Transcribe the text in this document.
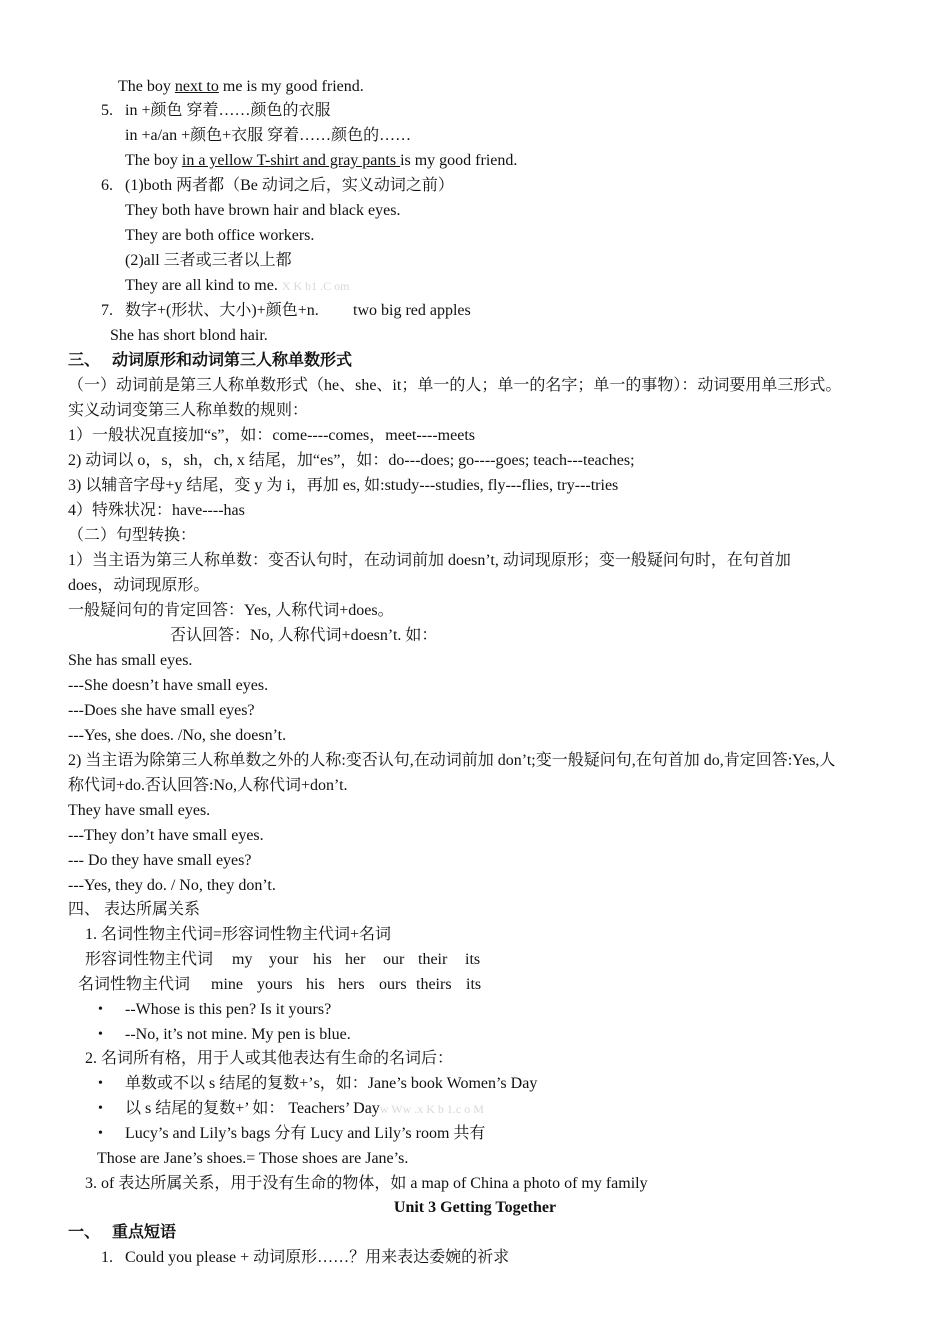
The boy next to me is my good friend.
5. in +颜色 穿着……颜色的衣服
in +a/an +颜色+衣服 穿着……颜色的……
The boy in a yellow T-shirt and gray pants is my good friend.
6. (1)both 两者都（Be 动词之后，实义动词之前）
They both have brown hair and black eyes.
They are both office workers.
(2)all 三者或三者以上都
They are all kind to me. X K b1 .C om
7. 数字+(形状、大小)+颜色+n. two big red apples
She has short blond hair.
三、 动词原形和动词第三人称单数形式
（一）动词前是第三人称单数形式（he、she、it；单一的人；单一的名字；单一的事物）：动词要用单三形式。
实义动词变第三人称单数的规则：
1）一般状况直接加“s”，如：come----comes，meet----meets
2) 动词以 o，s，sh，ch, x 结尾，加“es”，如：do---does; go----goes; teach---teaches;
3) 以辅音字母+y 结尾，变 y 为 i，再加 es, 如:study---studies, fly---flies, try---tries
4）特殊状况：have----has
（二）句型转换：
1）当主语为第三人称单数：变否认句时，在动词前加 doesn’t, 动词现原形；变一般疑问句时，在句首加
does，动词现原形。
一般疑问句的肯定回答：Yes, 人称代词+does。
否认回答：No, 人称代词+doesn’t. 如：
She has small eyes.
---She doesn’t have small eyes.
---Does she have small eyes?
---Yes, she does. /No, she doesn’t.
2) 当主语为除第三人称单数之外的人称:变否认句,在动词前加 don’t;变一般疑问句,在句首加 do,肯定回答:Yes,人
称代词+do.否认回答:No,人称代词+don’t.
They have small eyes.
---They don’t have small eyes.
--- Do they have small eyes?
---Yes, they do. / No, they don’t.
四、 表达所属关系
1. 名词性物主代词=形容词性物主代词+名词
形容词性物主代词 my your his her our their its
名词性物主代词 mine yours his hers ours theirs its
• --Whose is this pen? Is it yours?
• --No, it’s not mine. My pen is blue.
2. 名词所有格，用于人或其他表达有生命的名词后：
• 单数或不以 s 结尾的复数+’s，如：Jane’s book Women’s Day
• 以 s 结尾的复数+’ 如： Teachers’ Dayw Ww .x K b 1.c o M
• Lucy’s and Lily’s bags 分有 Lucy and Lily’s room 共有
Those are Jane’s shoes.= Those shoes are Jane’s.
3. of 表达所属关系，用于没有生命的物体，如 a map of China a photo of my family
Unit 3 Getting Together
一、 重点短语
1. Could you please + 动词原形……？用来表达委婉的祈求
